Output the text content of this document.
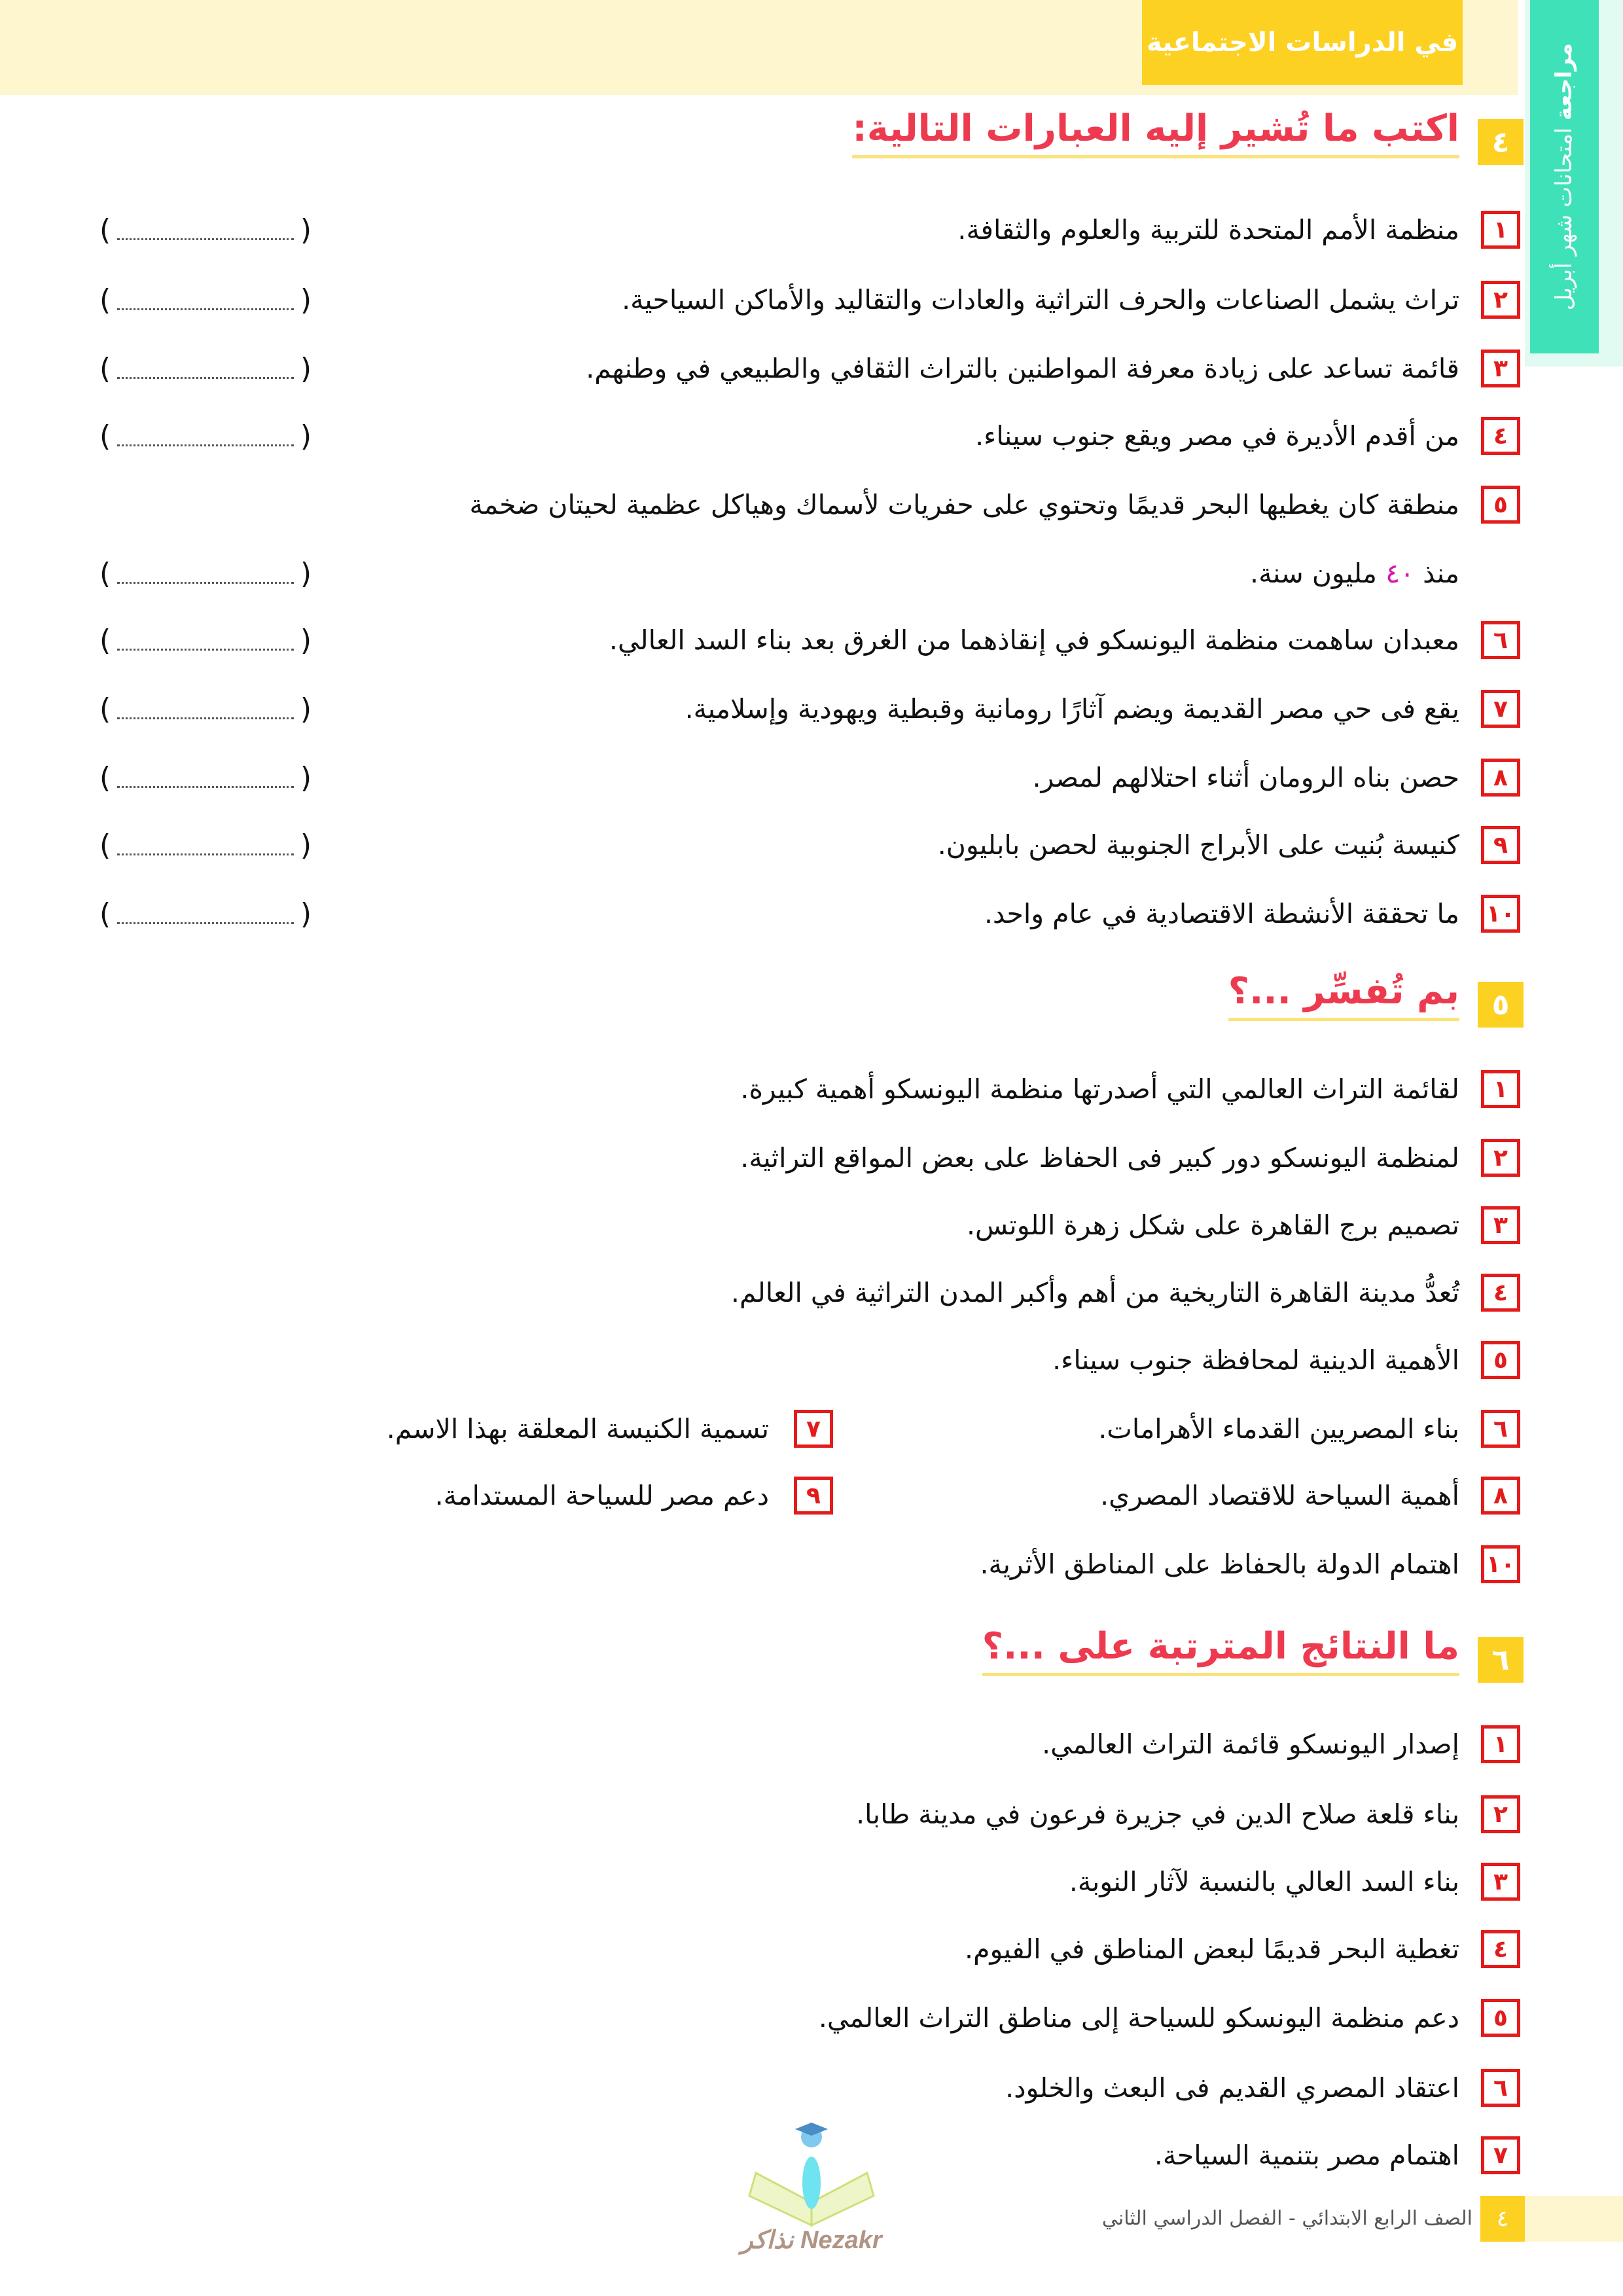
في الدراسات الاجتماعية
مراجعة امتحانات شهر أبريل
٤
اكتب ما تُشير إليه العبارات التالية:
١
منظمة الأمم المتحدة للتربية والعلوم والثقافة.
(	)
٢
تراث يشمل الصناعات والحرف التراثية والعادات والتقاليد والأماكن السياحية.
(	)
٣
قائمة تساعد على زيادة معرفة المواطنين بالتراث الثقافي والطبيعي في وطنهم.
(	)
٤
من أقدم الأديرة في مصر ويقع جنوب سيناء.
(	)
٥
منطقة كان يغطيها البحر قديمًا وتحتوي على حفريات لأسماك وهياكل عظمية لحيتان ضخمة
(	)	منذ ٤٠ مليون سنة.
٦
معبدان ساهمت منظمة اليونسكو في إنقاذهما من الغرق بعد بناء السد العالي.
(	)
٧
يقع فى حي مصر القديمة ويضم آثارًا رومانية وقبطية ويهودية وإسلامية.
(	)
٨
حصن بناه الرومان أثناء احتلالهم لمصر.
(	)
٩
كنيسة بُنيت على الأبراج الجنوبية لحصن بابليون.
(	)
١٠
ما تحققة الأنشطة الاقتصادية في عام واحد.
(	)
٥
بم تُفسِّر ...؟
١
لقائمة التراث العالمي التي أصدرتها منظمة اليونسكو أهمية كبيرة.
٢
لمنظمة اليونسكو دور كبير فى الحفاظ على بعض المواقع التراثية.
٣
تصميم برج القاهرة على شكل زهرة اللوتس.
٤
تُعدُّ مدينة القاهرة التاريخية من أهم وأكبر المدن التراثية في العالم.
٥
الأهمية الدينية لمحافظة جنوب سيناء.
٦
بناء المصريين القدماء الأهرامات.
٧
تسمية الكنيسة المعلقة بهذا الاسم.
٨
أهمية السياحة للاقتصاد المصري.
٩
دعم مصر للسياحة المستدامة.
١٠
اهتمام الدولة بالحفاظ على المناطق الأثرية.
٦
ما النتائج المترتبة على ...؟
١
إصدار اليونسكو قائمة التراث العالمي.
٢
بناء قلعة صلاح الدين في جزيرة فرعون في مدينة طابا.
٣
بناء السد العالي بالنسبة لآثار النوبة.
٤
تغطية البحر قديمًا لبعض المناطق في الفيوم.
٥
دعم منظمة اليونسكو للسياحة إلى مناطق التراث العالمي.
٦
اعتقاد المصري القديم فى البعث والخلود.
٧
اهتمام مصر بتنمية السياحة.
٤
الصف الرابع الابتدائي - الفصل الدراسي الثاني
Nezakr نذاكر
